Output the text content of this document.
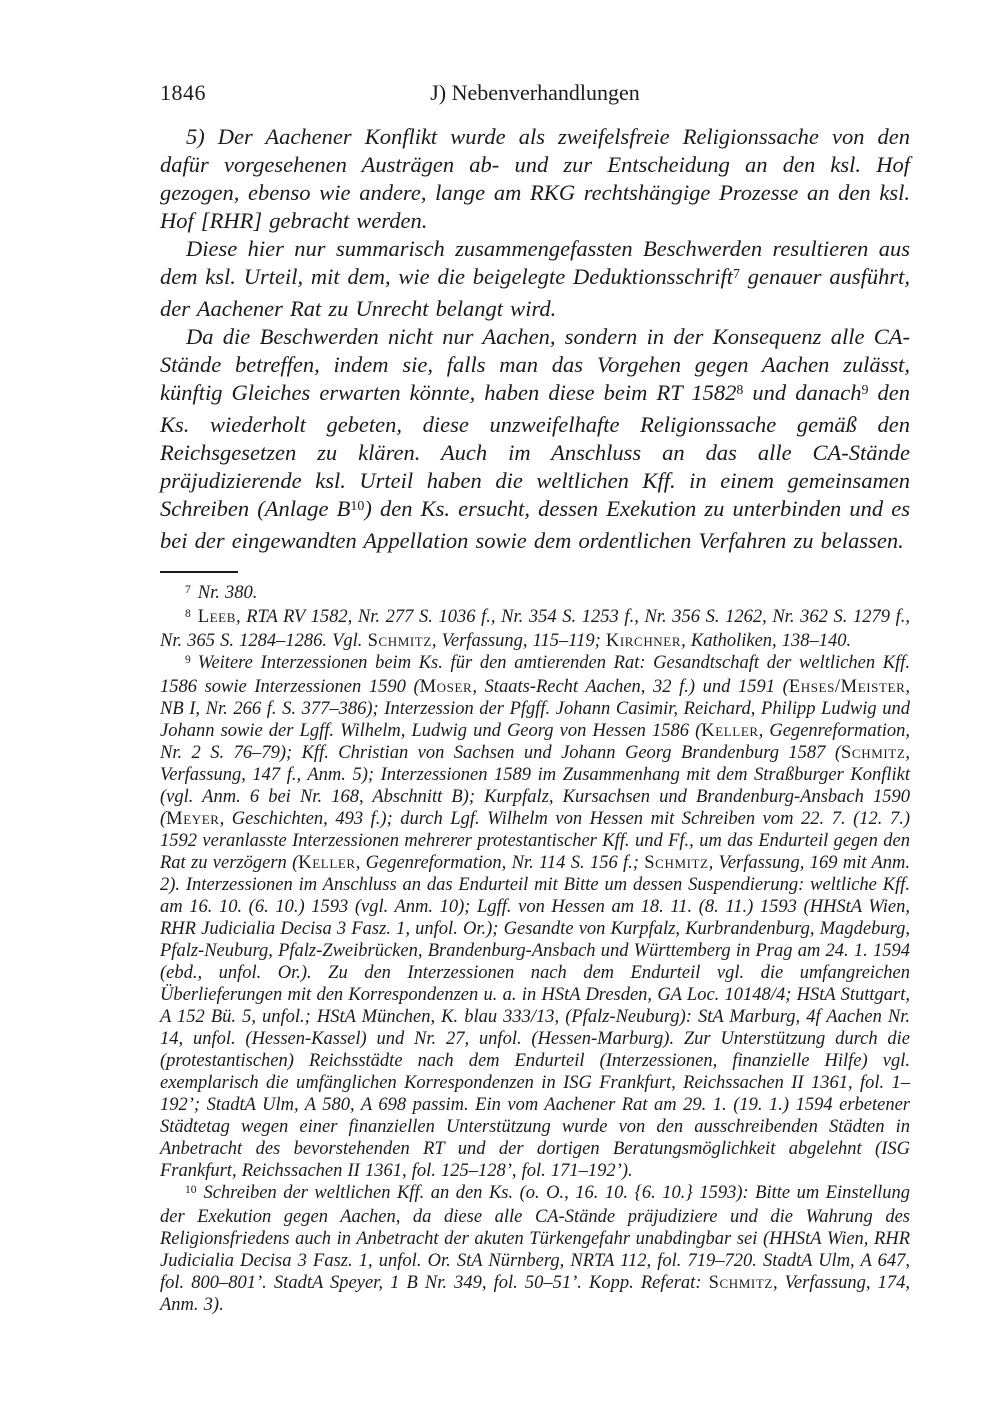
1846	J) Nebenverhandlungen

5) Der Aachener Konflikt wurde als zweifelsfreie Religionssache von den dafür vorgesehenen Austrägen ab- und zur Entscheidung an den ksl. Hof gezogen, ebenso wie andere, lange am RKG rechtshängige Prozesse an den ksl. Hof [RHR] gebracht werden.

Diese hier nur summarisch zusammengefassten Beschwerden resultieren aus dem ksl. Urteil, mit dem, wie die beigelegte Deduktionsschrift$^7$ genauer ausführt, der Aachener Rat zu Unrecht belangt wird.

Da die Beschwerden nicht nur Aachen, sondern in der Konsequenz alle CA-Stände betreffen, indem sie, falls man das Vorgehen gegen Aachen zulässt, künftig Gleiches erwarten könnte, haben diese beim RT 1582$^8$ und danach$^9$ den Ks. wiederholt gebeten, diese unzweifelhafte Religionssache gemäß den Reichsgesetzen zu klären. Auch im Anschluss an das alle CA-Stände präjudizierende ksl. Urteil haben die weltlichen Kff. in einem gemeinsamen Schreiben (Anlage $B^{10}$) den Ks. ersucht, dessen Exekution zu unterbinden und es bei der eingewandten Appellation sowie dem ordentlichen Verfahren zu belassen.

$^7$ Nr. 380.

$^8$ Leeb, RTA RV 1582, Nr. 277 S. 1036 f., Nr. 354 S. 1253 f., Nr. 356 S. 1262, Nr. 362 S. 1279 f., Nr. 365 S. 1284–1286. Vgl. Schmitz, Verfassung, 115–119; Kirchner, Katholiken, 138–140.

$^9$ Weitere Interzessionen beim Ks. für den amtierenden Rat: Gesandtschaft der weltlichen Kff. 1586 sowie Interzessionen 1590 (Moser, Staats-Recht Aachen, 32 f.) und 1591 (Ehses/Meister, NB I, Nr. 266 f. S. 377–386); Interzession der Pfgff. Johann Casimir, Reichard, Philipp Ludwig und Johann sowie der Lgff. Wilhelm, Ludwig und Georg von Hessen 1586 (Keller, Gegenreformation, Nr. 2 S. 76–79); Kff. Christian von Sachsen und Johann Georg Brandenburg 1587 (Schmitz, Verfassung, 147 f., Anm. 5); Interzessionen 1589 im Zusammenhang mit dem Straßburger Konflikt (vgl. Anm. 6 bei Nr. 168, Abschnitt B); Kurpfalz, Kursachsen und Brandenburg-Ansbach 1590 (Meyer, Geschichten, 493 f.); durch Lgf. Wilhelm von Hessen mit Schreiben vom 22. 7. (12. 7.) 1592 veranlasste Interzessionen mehrerer protestantischer Kff. und Ff., um das Endurteil gegen den Rat zu verzögern (Keller, Gegenreformation, Nr. 114 S. 156 f.; Schmitz, Verfassung, 169 mit Anm. 2). Interzessionen im Anschluss an das Endurteil mit Bitte um dessen Suspendierung: weltliche Kff. am 16. 10. (6. 10.) 1593 (vgl. Anm. 10); Lgff. von Hessen am 18. 11. (8. 11.) 1593 (HHStA Wien, RHR Judicialia Decisa 3 Fasz. 1, unfol. Or.); Gesandte von Kurpfalz, Kurbrandenburg, Magdeburg, Pfalz-Neuburg, Pfalz-Zweibrücken, Brandenburg-Ansbach und Württemberg in Prag am 24. 1. 1594 (ebd., unfol. Or.). Zu den Interzessionen nach dem Endurteil vgl. die umfangreichen Überlieferungen mit den Korrespondenzen u. a. in HStA Dresden, GA Loc. 10148/4; HStA Stuttgart, A 152 Bü. 5, unfol.; HStA München, K. blau 333/13, (Pfalz-Neuburg): StA Marburg, 4f Aachen Nr. 14, unfol. (Hessen-Kassel) und Nr. 27, unfol. (Hessen-Marburg). Zur Unterstützung durch die (protestantischen) Reichsstädte nach dem Endurteil (Interzessionen, finanzielle Hilfe) vgl. exemplarisch die umfänglichen Korrespondenzen in ISG Frankfurt, Reichssachen II 1361, fol. 1–192’; StadtA Ulm, A 580, A 698 passim. Ein vom Aachener Rat am 29. 1. (19. 1.) 1594 erbetener Städtetag wegen einer finanziellen Unterstützung wurde von den ausschreibenden Städten in Anbetracht des bevorstehenden RT und der dortigen Beratungsmöglichkeit abgelehnt (ISG Frankfurt, Reichssachen II 1361, fol. 125–128’, fol. 171–192’).

$^{10}$ Schreiben der weltlichen Kff. an den Ks. (o. O., 16. 10. {6. 10.} 1593): Bitte um Einstellung der Exekution gegen Aachen, da diese alle CA-Stände präjudiziere und die Wahrung des Religionsfriedens auch in Anbetracht der akuten Türkengefahr unabdingbar sei (HHStA Wien, RHR Judicialia Decisa 3 Fasz. 1, unfol. Or. StA Nürnberg, NRTA 112, fol. 719–720. StadtA Ulm, A 647, fol. 800–801’. StadtA Speyer, 1 B Nr. 349, fol. 50–51’. Kopp. Referat: Schmitz, Verfassung, 174, Anm. 3).
